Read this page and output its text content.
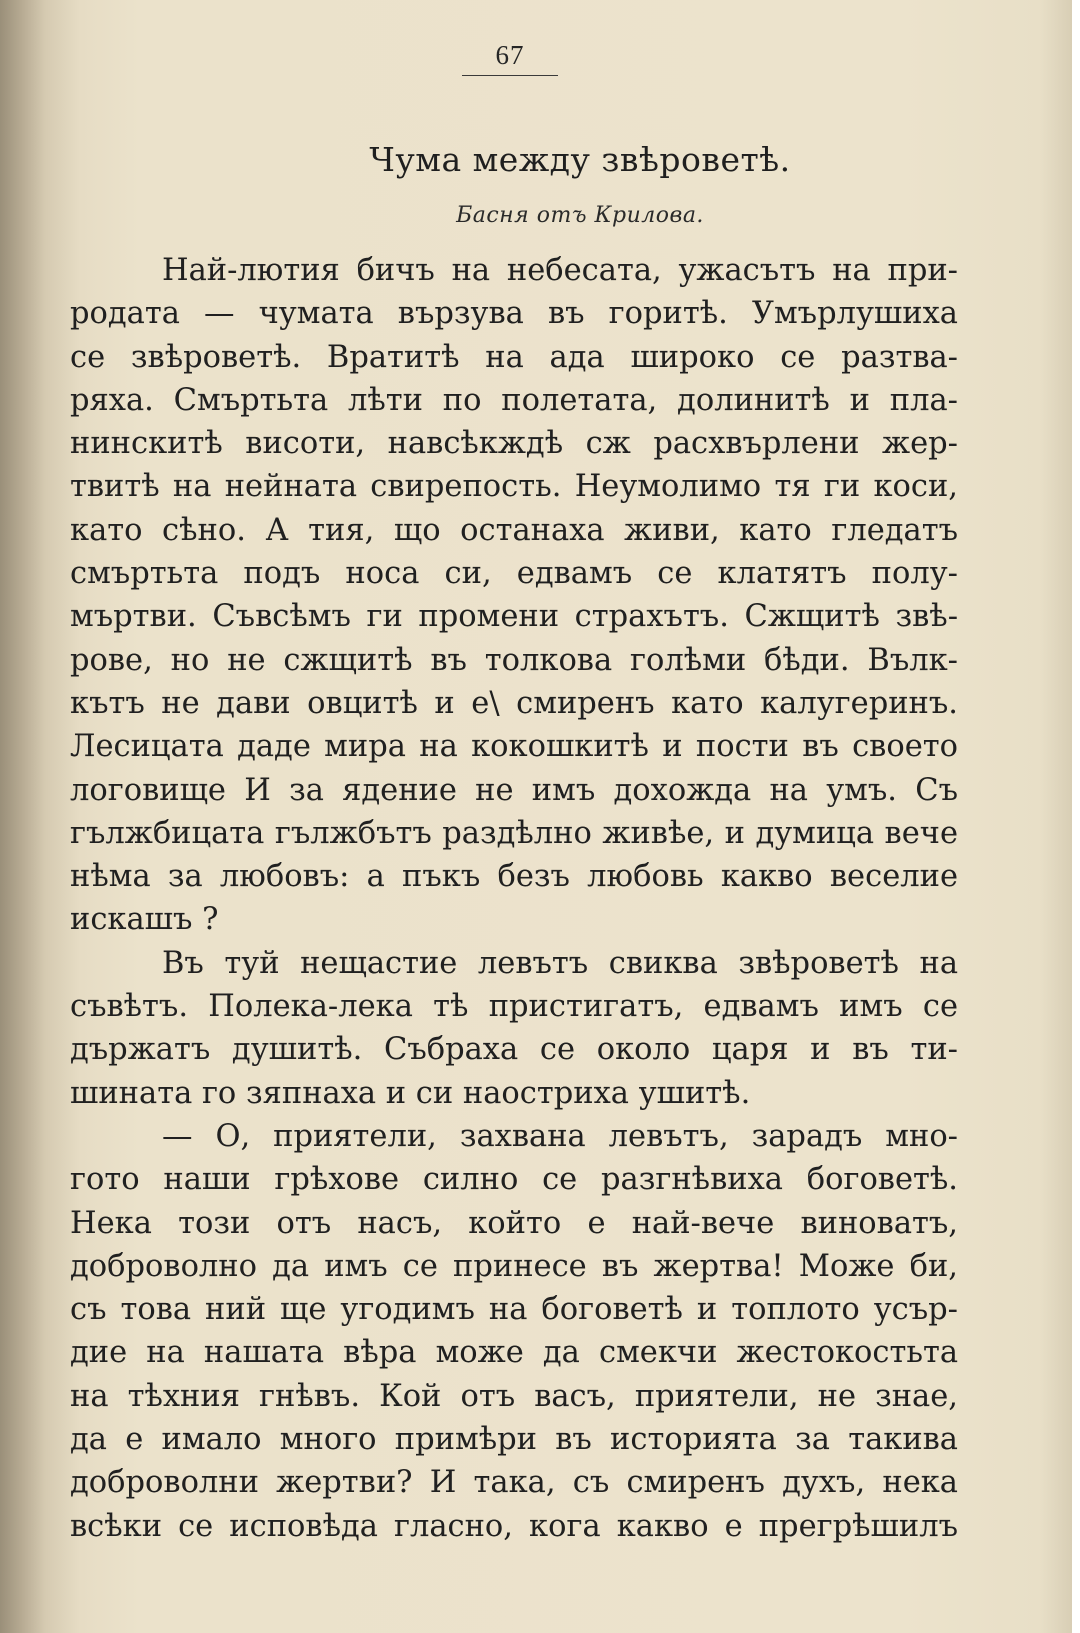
67
Чума между звѣроветѣ.
Басня отъ Крилова.
Най-лютия бичъ на небесата, ужасътъ на при-
родата — чумата вързува въ горитѣ. Умърлушиха
се звѣроветѣ. Вратитѣ на ада широко се разтва-
ряха. Смъртьта лѣти по полетата, долинитѣ и пла-
нинскитѣ висоти, навсѣкждѣ сж расхвърлени жер-
твитѣ на нейната свирепость. Неумолимо тя ги коси,
като сѣно. А тия, що останаха живи, като гледатъ
смъртьта подъ носа си, едвамъ се клатятъ полу-
мъртви. Съвсѣмъ ги промени страхътъ. Сжщитѣ звѣ-
рове, но не сжщитѣ въ толкова голѣми бѣди. Вълк-
кътъ не дави овцитѣ и е\ смиренъ като калугеринъ.
Лесицата даде мира на кокошкитѣ и пости въ своето
логовище И за ядение не имъ дохожда на умъ. Съ
гължбицата гължбътъ раздѣлно живѣе, и думица вече
нѣма за любовъ: а пъкъ безъ любовь какво веселие
искашъ ?
Въ туй нещастие левътъ свиква звѣроветѣ на
съвѣтъ. Полека-лека тѣ пристигатъ, едвамъ имъ се
държатъ душитѣ. Събраха се около царя и въ ти-
шината го зяпнаха и си наостриха ушитѣ.
— О, приятели, захвана левътъ, зарадъ мно-
гото наши грѣхове силно се разгнѣвиха боговетѣ.
Нека този отъ насъ, който е най-вече виноватъ,
доброволно да имъ се принесе въ жертва! Може би,
съ това ний ще угодимъ на боговетѣ и топлото усър-
дие на нашата вѣра може да смекчи жестокостьта
на тѣхния гнѣвъ. Кой отъ васъ, приятели, не знае,
да е имало много примѣри въ историята за такива
доброволни жертви? И така, съ смиренъ духъ, нека
всѣки се исповѣда гласно, кога какво е прегрѣшилъ
